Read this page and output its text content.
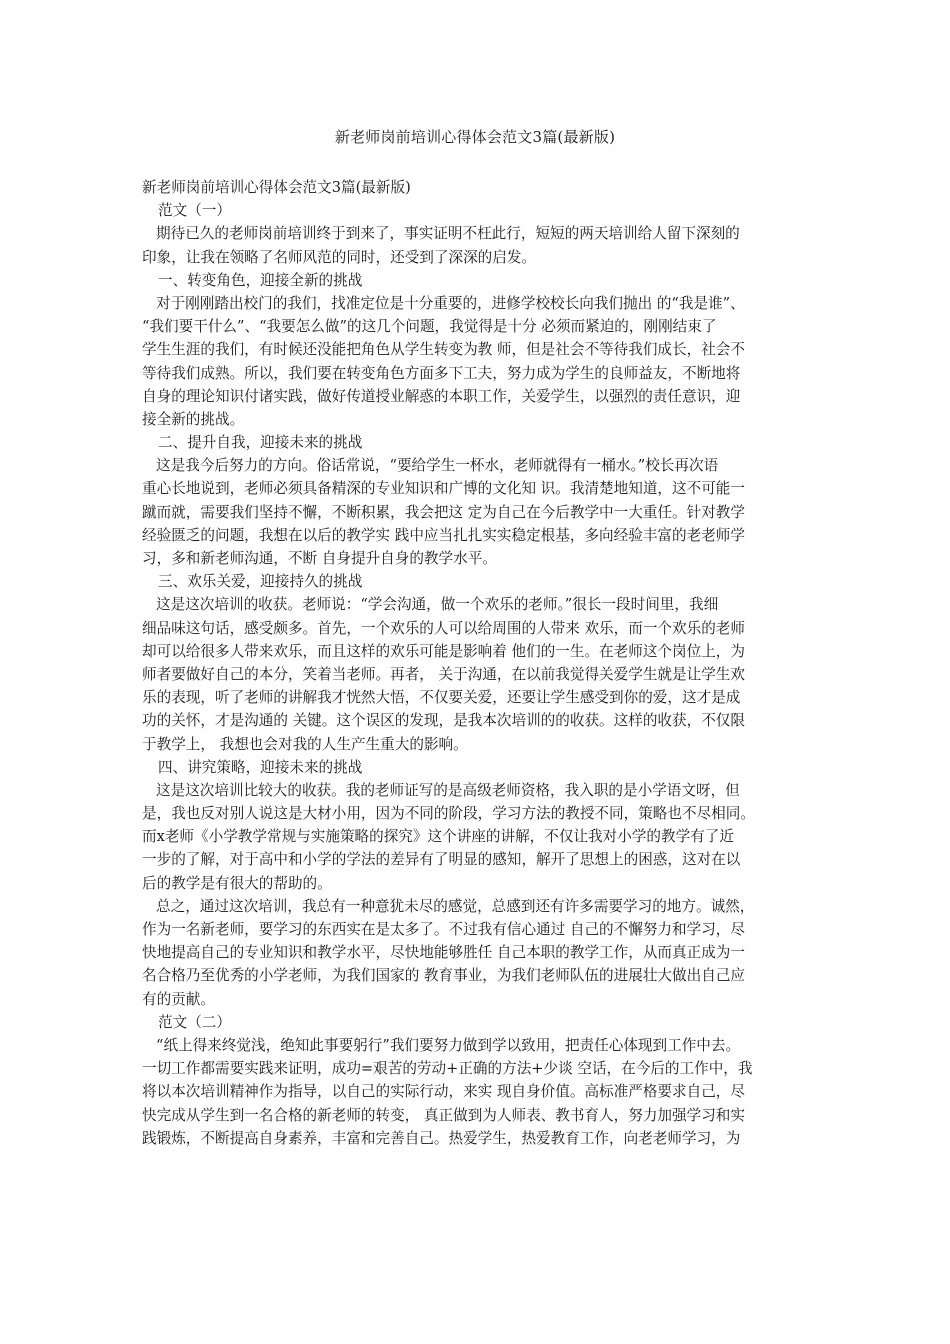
新老师岗前培训心得体会范文3篇(最新版)
新老师岗前培训心得体会范文3篇(最新版)
范文（一）
期待已久的老师岗前培训终于到来了，事实证明不枉此行，短短的两天培训给人留下深刻的
印象，让我在领略了名师风范的同时，还受到了深深的启发。
一、转变角色，迎接全新的挑战
对于刚刚踏出校门的我们，找准定位是十分重要的，进修学校校长向我们抛出 的“我是谁”、
“我们要干什么”、“我要怎么做”的这几个问题，我觉得是十分 必须而紧迫的，刚刚结束了
学生生涯的我们，有时候还没能把角色从学生转变为教 师，但是社会不等待我们成长，社会不
等待我们成熟。所以，我们要在转变角色方面多下工夫，努力成为学生的良师益友，不断地将
自身的理论知识付诸实践，做好传道授业解惑的本职工作，关爱学生，以强烈的责任意识，迎
接全新的挑战。
二、提升自我，迎接未来的挑战
这是我今后努力的方向。俗话常说，“要给学生一杯水，老师就得有一桶水。”校长再次语
重心长地说到，老师必须具备精深的专业知识和广博的文化知 识。我清楚地知道，这不可能一
蹴而就，需要我们坚持不懈，不断积累，我会把这 定为自己在今后教学中一大重任。针对教学
经验匮乏的问题，我想在以后的教学实 践中应当扎扎实实稳定根基，多向经验丰富的老老师学
习，多和新老师沟通，不断 自身提升自身的教学水平。
三、欢乐关爱，迎接持久的挑战
这是这次培训的收获。老师说：“学会沟通，做一个欢乐的老师。”很长一段时间里，我细
细品味这句话，感受颇多。首先，一个欢乐的人可以给周围的人带来 欢乐，而一个欢乐的老师
却可以给很多人带来欢乐，而且这样的欢乐可能是影响着 他们的一生。在老师这个岗位上，为
师者要做好自己的本分，笑着当老师。再者， 关于沟通，在以前我觉得关爱学生就是让学生欢
乐的表现，听了老师的讲解我才恍然大悟，不仅要关爱，还要让学生感受到你的爱，这才是成
功的关怀，才是沟通的 关键。这个误区的发现，是我本次培训的的收获。这样的收获，不仅限
于教学上， 我想也会对我的人生产生重大的影响。
四、讲究策略，迎接未来的挑战
这是这次培训比较大的收获。我的老师证写的是高级老师资格，我入职的是小学语文呀，但
是，我也反对别人说这是大材小用，因为不同的阶段，学习方法的教授不同，策略也不尽相同。
而x老师《小学教学常规与实施策略的探究》这个讲座的讲解，不仅让我对小学的教学有了近
一步的了解，对于高中和小学的学法的差异有了明显的感知，解开了思想上的困惑，这对在以
后的教学是有很大的帮助的。
总之，通过这次培训，我总有一种意犹未尽的感觉，总感到还有许多需要学习的地方。诚然，
作为一名新老师，要学习的东西实在是太多了。不过我有信心通过 自己的不懈努力和学习，尽
快地提高自己的专业知识和教学水平，尽快地能够胜任 自己本职的教学工作，从而真正成为一
名合格乃至优秀的小学老师，为我们国家的 教育事业，为我们老师队伍的进展壮大做出自己应
有的贡献。
范文（二）
“纸上得来终觉浅，绝知此事要躬行”我们要努力做到学以致用，把责任心体现到工作中去。
一切工作都需要实践来证明，成功=艰苦的劳动+正确的方法+少谈 空话，在今后的工作中，我
将以本次培训精神作为指导，以自己的实际行动，来实 现自身价值。高标准严格要求自己，尽
快完成从学生到一名合格的新老师的转变， 真正做到为人师表、教书育人，努力加强学习和实
践锻炼，不断提高自身素养，丰富和完善自己。热爱学生，热爱教育工作，向老老师学习，为
